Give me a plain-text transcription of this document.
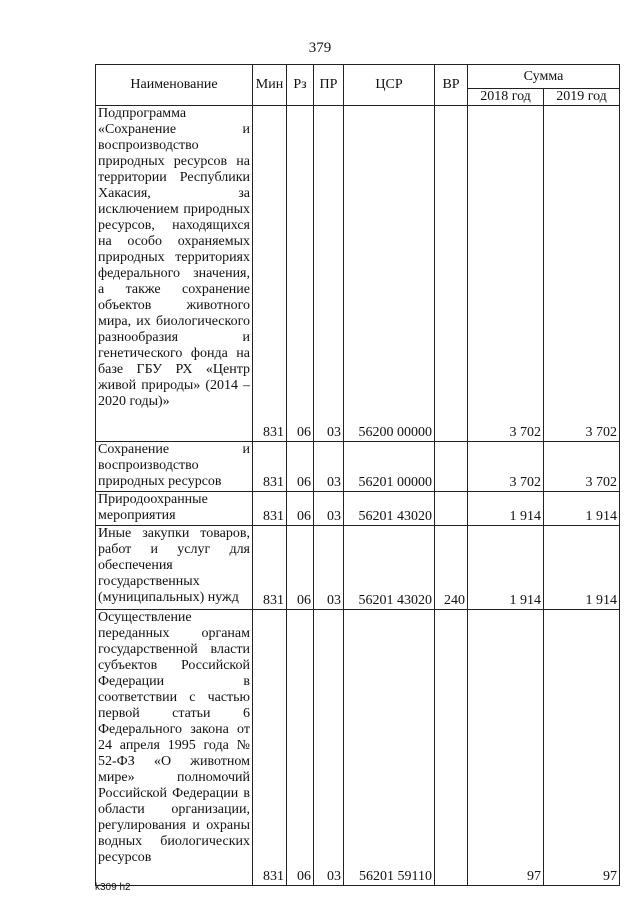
379
Наименование	Мин	Рз	ПР	ЦСР	ВР	Сумма	
						2018 год	2019 год
Подпрограмма «Сохранение и воспроизводство природных ресурсов на территории Республики Хакасия, за исключением природных ресурсов, находящихся на особо охраняемых природных территориях федерального значения, а также сохранение объектов животного мира, их биологического разнообразия и генетического фонда на базе ГБУ РХ «Центр живой природы» (2014 – 2020 годы)»	831	06	03	56200 00000		3 702	3 702
Сохранение и воспроизводство природных ресурсов	831	06	03	56201 00000		3 702	3 702
Природоохранные мероприятия	831	06	03	56201 43020		1 914	1 914
Иные закупки товаров, работ и услуг для обеспечения государственных (муниципальных) нужд	831	06	03	56201 43020	240	1 914	1 914
Осуществление переданных органам государственной власти субъектов Российской Федерации в соответствии с частью первой статьи 6 Федерального закона от 24 апреля 1995 года № 52-ФЗ «О животном мире» полномочий Российской Федерации в области организации, регулирования и охраны водных биологических ресурсов	831	06	03	56201 59110		97	97
k309 h2
